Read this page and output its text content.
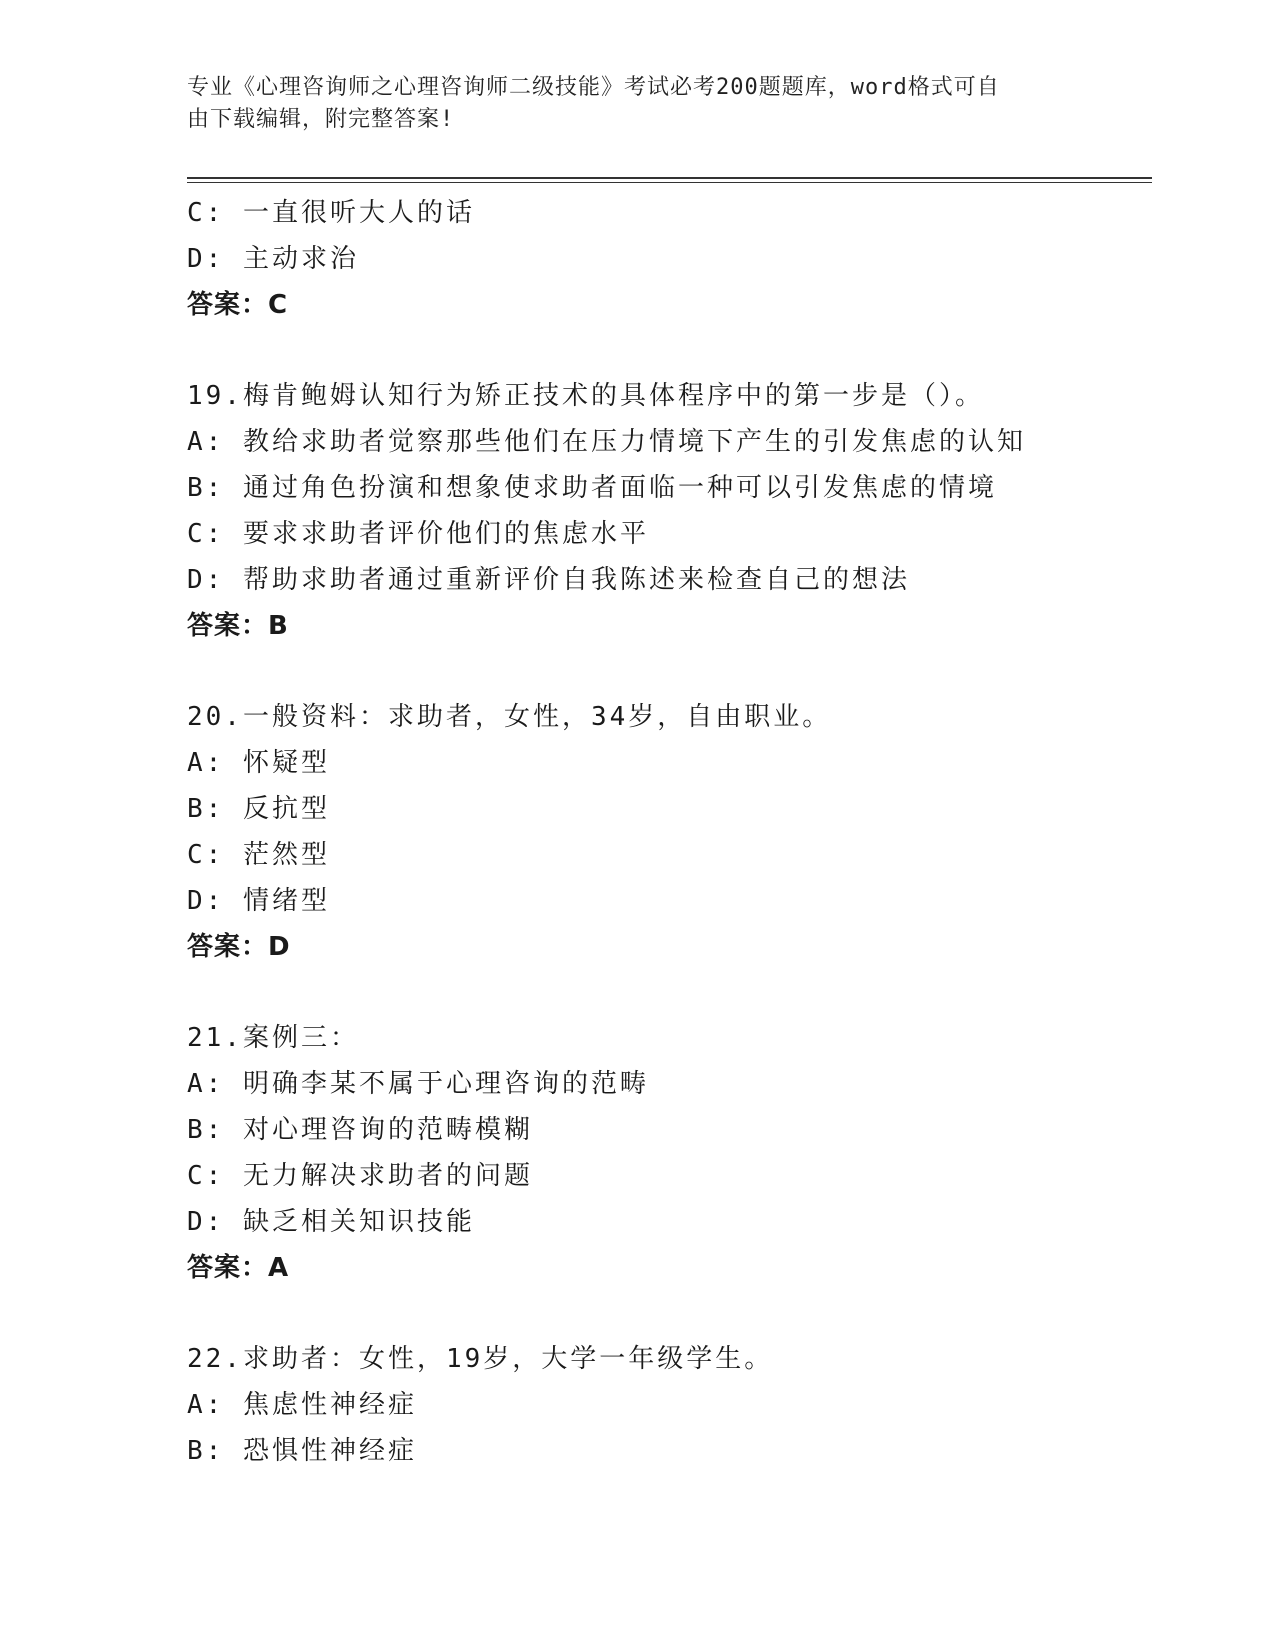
专业《心理咨询师之心理咨询师二级技能》考试必考200题题库，word格式可自
由下载编辑，附完整答案!
C: 一直很听大人的话
D: 主动求治
答案：C
19.梅肯鲍姆认知行为矫正技术的具体程序中的第一步是（）。
A: 教给求助者觉察那些他们在压力情境下产生的引发焦虑的认知
B: 通过角色扮演和想象使求助者面临一种可以引发焦虑的情境
C: 要求求助者评价他们的焦虑水平
D: 帮助求助者通过重新评价自我陈述来检查自己的想法
答案：B
20.一般资料：求助者，女性，34岁，自由职业。
A: 怀疑型
B: 反抗型
C: 茫然型
D: 情绪型
答案：D
21.案例三：
A: 明确李某不属于心理咨询的范畴
B: 对心理咨询的范畴模糊
C: 无力解决求助者的问题
D: 缺乏相关知识技能
答案：A
22.求助者：女性，19岁，大学一年级学生。
A: 焦虑性神经症
B: 恐惧性神经症
